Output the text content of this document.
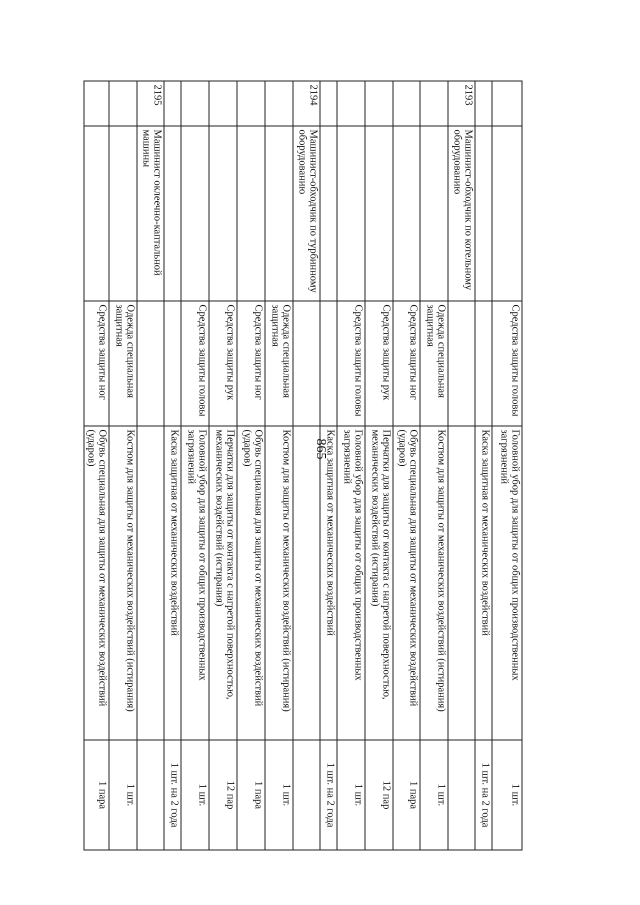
865
		Средства защиты головы	Головной убор для защиты от общих производственных загрязнений	1 шт.
			Каска защитная от механических воздействий	1 шт. на 2 года
2193	Машинист-обходчик по котельному оборудованию			
		Одежда специальная защитная	Костюм для защиты от механических воздействий (истирания)	1 шт.
		Средства защиты ног	Обувь специальная для защиты от механических воздействий (ударов)	1 пара
		Средства защиты рук	Перчатки для защиты от контакта с нагретой поверхностью, механических воздействий (истирания)	12 пар
		Средства защиты головы	Головной убор для защиты от общих производственных загрязнений	1 шт.
			Каска защитная от механических воздействий	1 шт. на 2 года
2194	Машинист-обходчик по турбинному оборудованию			
		Одежда специальная защитная	Костюм для защиты от механических воздействий (истирания)	1 шт.
		Средства защиты ног	Обувь специальная для защиты от механических воздействий (ударов)	1 пара
		Средства защиты рук	Перчатки для защиты от контакта с нагретой поверхностью, механических воздействий (истирания)	12 пар
		Средства защиты головы	Головной убор для защиты от общих производственных загрязнений	1 шт.
			Каска защитная от механических воздействий	1 шт. на 2 года
2195	Машинист оклеечно-каптальной машины			
		Одежда специальная защитная	Костюм для защиты от механических воздействий (истирания)	1 шт.
		Средства защиты ног	Обувь специальная для защиты от механических воздействий (ударов)	1 пара
